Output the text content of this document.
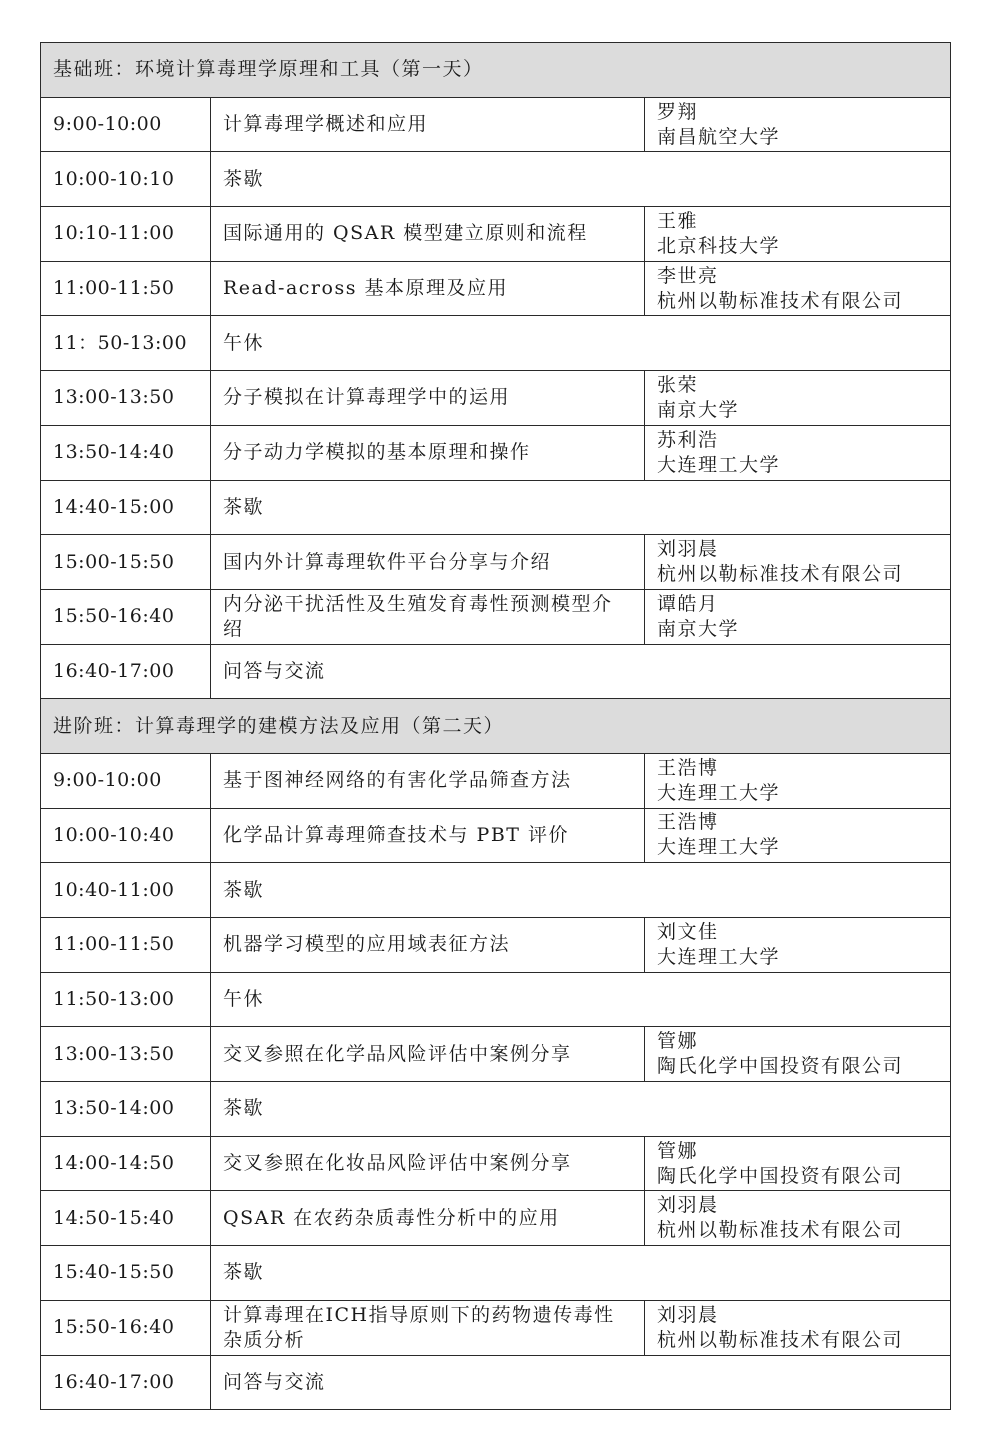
基础班：环境计算毒理学原理和工具（第一天）		
9:00-10:00	计算毒理学概述和应用	罗翔
南昌航空大学

10:00-10:10	茶歇	
10:10-11:00	国际通用的 QSAR 模型建立原则和流程	王雅
北京科技大学

11:00-11:50	Read-across 基本原理及应用	李世亮
杭州以勒标准技术有限公司

11：50-13:00	午休	
13:00-13:50	分子模拟在计算毒理学中的运用	张荣
南京大学

13:50-14:40	分子动力学模拟的基本原理和操作	苏利浩
大连理工大学

14:40-15:00	茶歇	
15:00-15:50	国内外计算毒理软件平台分享与介绍	刘羽晨
杭州以勒标准技术有限公司

15:50-16:40	内分泌干扰活性及生殖发育毒性预测模型介绍	谭皓月
南京大学

16:40-17:00	问答与交流	
进阶班：计算毒理学的建模方法及应用（第二天）		
9:00-10:00	基于图神经网络的有害化学品筛查方法	王浩博
大连理工大学

10:00-10:40	化学品计算毒理筛查技术与 PBT 评价	王浩博
大连理工大学

10:40-11:00	茶歇	
11:00-11:50	机器学习模型的应用域表征方法	刘文佳
大连理工大学

11:50-13:00	午休	
13:00-13:50	交叉参照在化学品风险评估中案例分享	管娜
陶氏化学中国投资有限公司

13:50-14:00	茶歇	
14:00-14:50	交叉参照在化妆品风险评估中案例分享	管娜
陶氏化学中国投资有限公司

14:50-15:40	QSAR 在农药杂质毒性分析中的应用	刘羽晨
杭州以勒标准技术有限公司

15:40-15:50	茶歇	
15:50-16:40	计算毒理在ICH指导原则下的药物遗传毒性杂质分析	刘羽晨
杭州以勒标准技术有限公司

16:40-17:00	问答与交流	
